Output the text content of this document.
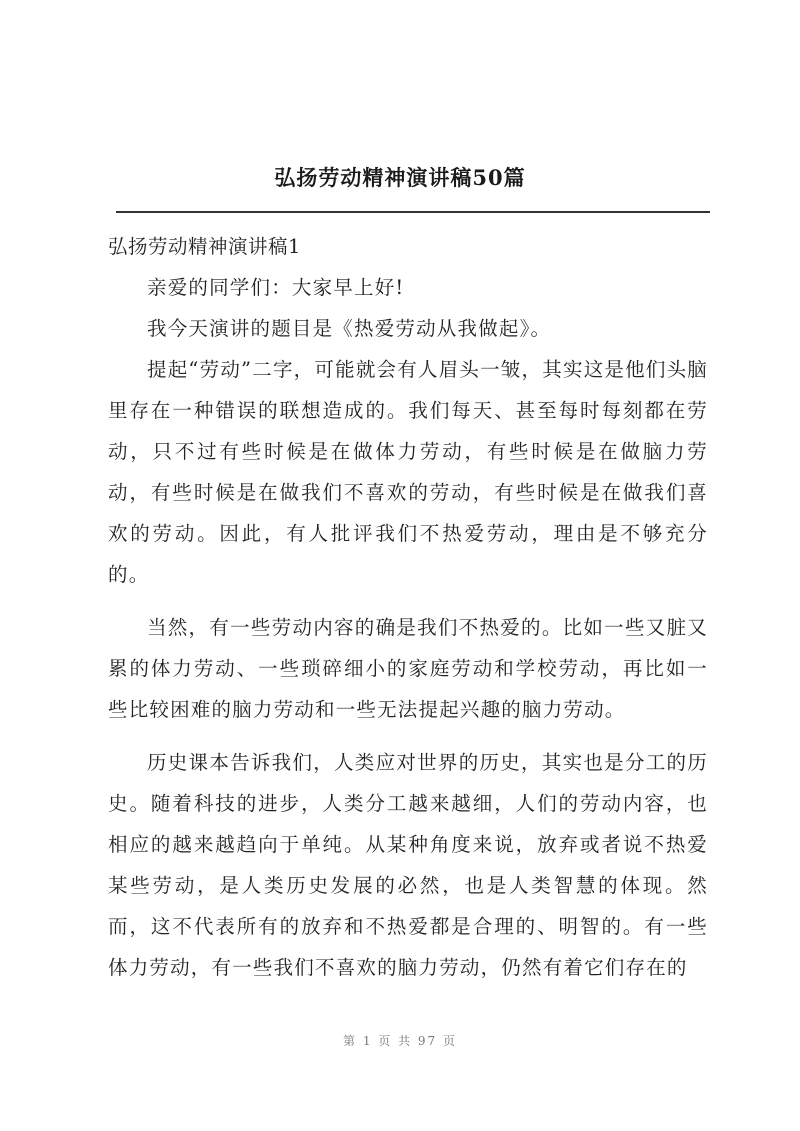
弘扬劳动精神演讲稿50篇

弘扬劳动精神演讲稿1

亲爱的同学们：大家早上好!

我今天演讲的题目是《热爱劳动从我做起》。

提起“劳动”二字，可能就会有人眉头一皱，其实这是他们头脑里存在一种错误的联想造成的。我们每天、甚至每时每刻都在劳动，只不过有些时候是在做体力劳动，有些时候是在做脑力劳动，有些时候是在做我们不喜欢的劳动，有些时候是在做我们喜欢的劳动。因此，有人批评我们不热爱劳动，理由是不够充分的。

当然，有一些劳动内容的确是我们不热爱的。比如一些又脏又累的体力劳动、一些琐碎细小的家庭劳动和学校劳动，再比如一些比较困难的脑力劳动和一些无法提起兴趣的脑力劳动。

历史课本告诉我们，人类应对世界的历史，其实也是分工的历史。随着科技的进步，人类分工越来越细，人们的劳动内容，也相应的越来越趋向于单纯。从某种角度来说，放弃或者说不热爱某些劳动，是人类历史发展的必然，也是人类智慧的体现。然而，这不代表所有的放弃和不热爱都是合理的、明智的。有一些体力劳动，有一些我们不喜欢的脑力劳动，仍然有着它们存在的

第 1 页 共 97 页
